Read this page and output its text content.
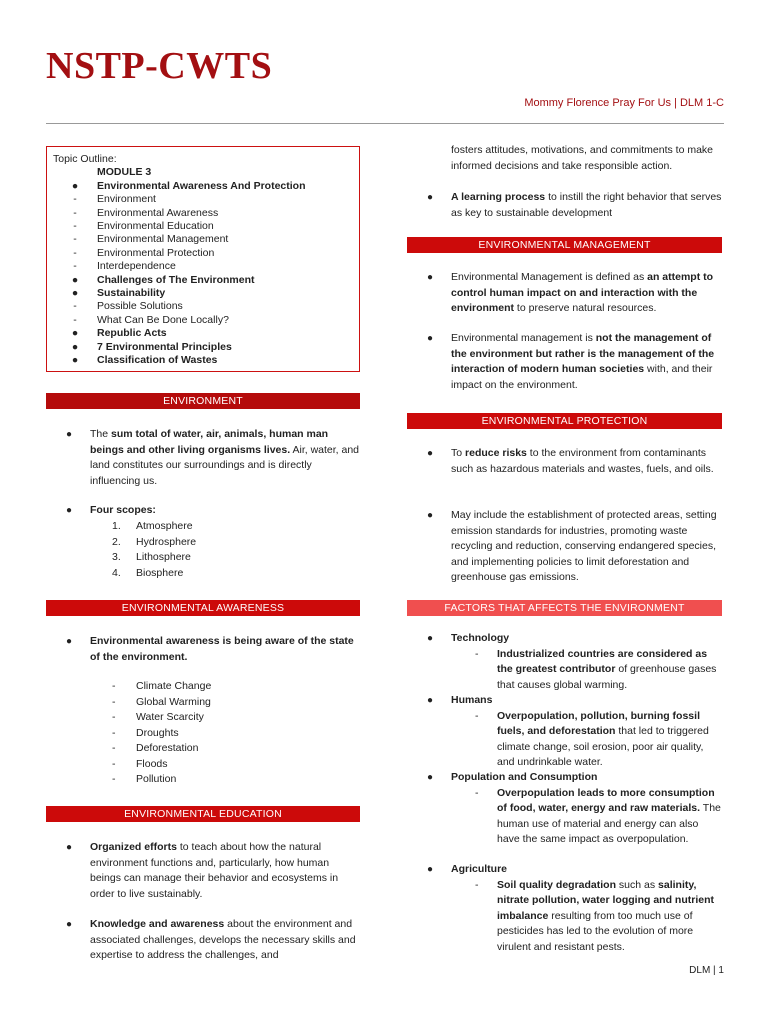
NSTP-CWTS
Mommy Florence Pray For Us | DLM 1-C
Topic Outline:
MODULE 3
●	Environmental Awareness And Protection
-	Environment
-	Environmental Awareness
-	Environmental Education
-	Environmental Management
-	Environmental Protection
-	Interdependence
●	Challenges of The Environment
●	Sustainability
-	Possible Solutions
-	What Can Be Done Locally?
●	Republic Acts
●	7 Environmental Principles
●	Classification of Wastes
ENVIRONMENT
● The sum total of water, air, animals, human man beings and other living organisms lives. Air, water, and land constitutes our surroundings and is directly influencing us.
● Four scopes:
1. Atmosphere
2. Hydrosphere
3. Lithosphere
4. Biosphere
ENVIRONMENTAL AWARENESS
● Environmental awareness is being aware of the state of the environment.
- Climate Change
- Global Warming
- Water Scarcity
- Droughts
- Deforestation
- Floods
- Pollution
ENVIRONMENTAL EDUCATION
● Organized efforts to teach about how the natural environment functions and, particularly, how human beings can manage their behavior and ecosystems in order to live sustainably.
● Knowledge and awareness about the environment and associated challenges, develops the necessary skills and expertise to address the challenges, and
fosters attitudes, motivations, and commitments to make informed decisions and take responsible action.
● A learning process to instill the right behavior that serves as key to sustainable development
ENVIRONMENTAL MANAGEMENT
● Environmental Management is defined as an attempt to control human impact on and interaction with the environment to preserve natural resources.
● Environmental management is not the management of the environment but rather is the management of the interaction of modern human societies with, and their impact on the environment.
ENVIRONMENTAL PROTECTION
● To reduce risks to the environment from contaminants such as hazardous materials and wastes, fuels, and oils.
● May include the establishment of protected areas, setting emission standards for industries, promoting waste recycling and reduction, conserving endangered species, and implementing policies to limit deforestation and greenhouse gas emissions.
FACTORS THAT AFFECTS THE ENVIRONMENT
● Technology
- Industrialized countries are considered as the greatest contributor of greenhouse gases that causes global warming.
● Humans
- Overpopulation, pollution, burning fossil fuels, and deforestation that led to triggered climate change, soil erosion, poor air quality, and undrinkable water.
● Population and Consumption
- Overpopulation leads to more consumption of food, water, energy and raw materials. The human use of material and energy can also have the same impact as overpopulation.
● Agriculture
- Soil quality degradation such as salinity, nitrate pollution, water logging and nutrient imbalance resulting from too much use of pesticides has led to the evolution of more virulent and resistant pests.
DLM | 1
